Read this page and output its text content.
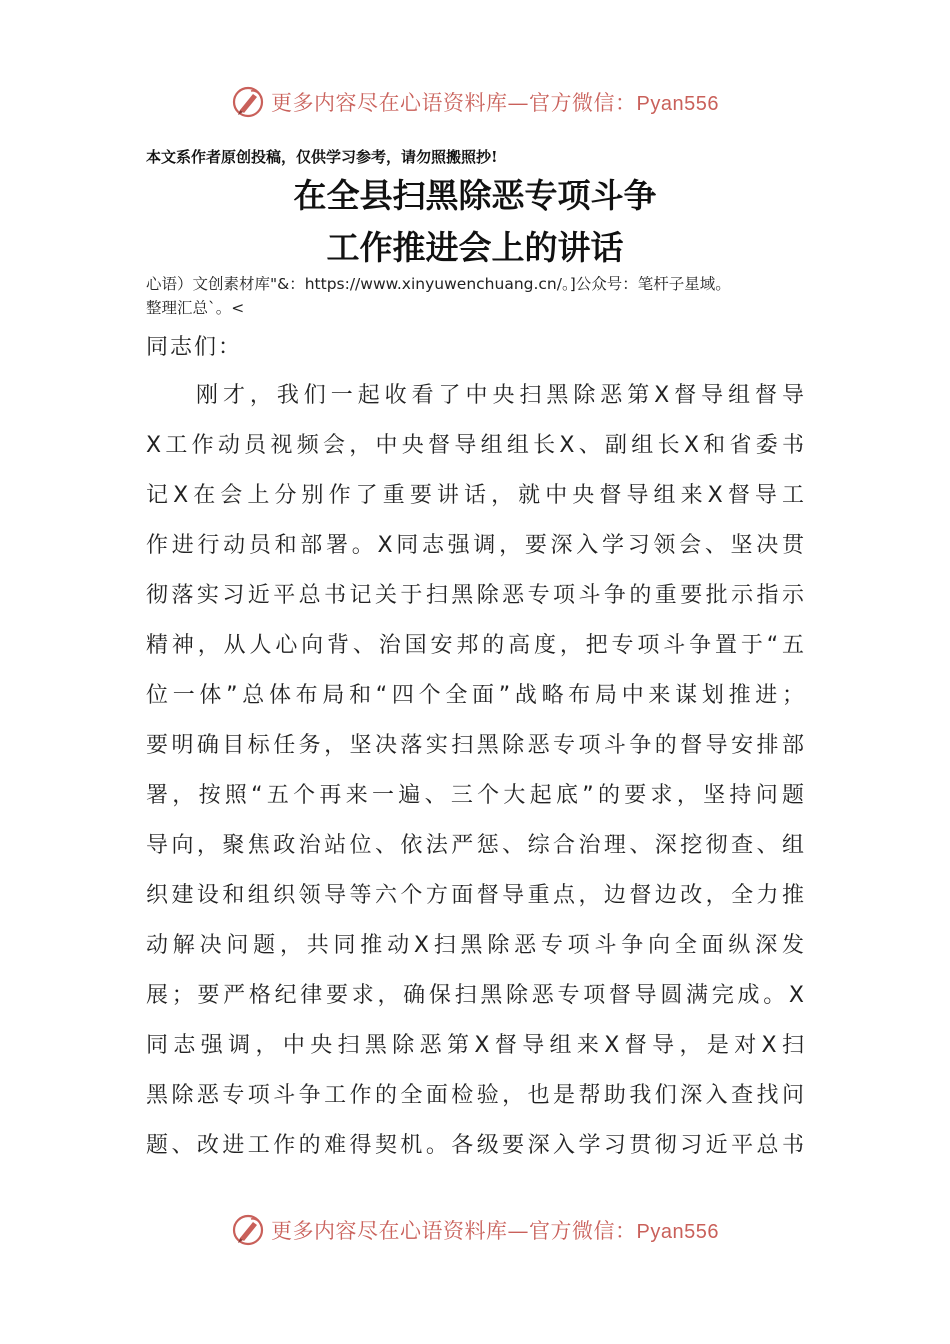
更多内容尽在心语资料库—官方微信：Pyan556
本文系作者原创投稿，仅供学习参考，请勿照搬照抄!
在全县扫黑除恶专项斗争
工作推进会上的讲话
心语）文创素材库"&：https://www.xinyuwenchuang.cn/。]公众号：笔杆子星域。
整理汇总`。<
同志们：
刚才，我们一起收看了中央扫黑除恶第X督导组督导
X工作动员视频会，中央督导组组长X、副组长X和省委书
记X在会上分别作了重要讲话，就中央督导组来X督导工
作进行动员和部署。X同志强调，要深入学习领会、坚决贯
彻落实习近平总书记关于扫黑除恶专项斗争的重要批示指示
精神，从人心向背、治国安邦的高度，把专项斗争置于“五
位一体”总体布局和“四个全面”战略布局中来谋划推进；
要明确目标任务，坚决落实扫黑除恶专项斗争的督导安排部
署，按照“五个再来一遍、三个大起底”的要求，坚持问题
导向，聚焦政治站位、依法严惩、综合治理、深挖彻查、组
织建设和组织领导等六个方面督导重点，边督边改，全力推
动解决问题，共同推动X扫黑除恶专项斗争向全面纵深发
展；要严格纪律要求，确保扫黑除恶专项督导圆满完成。X
同志强调，中央扫黑除恶第X督导组来X督导，是对X扫
黑除恶专项斗争工作的全面检验，也是帮助我们深入查找问
题、改进工作的难得契机。各级要深入学习贯彻习近平总书
更多内容尽在心语资料库—官方微信：Pyan556
